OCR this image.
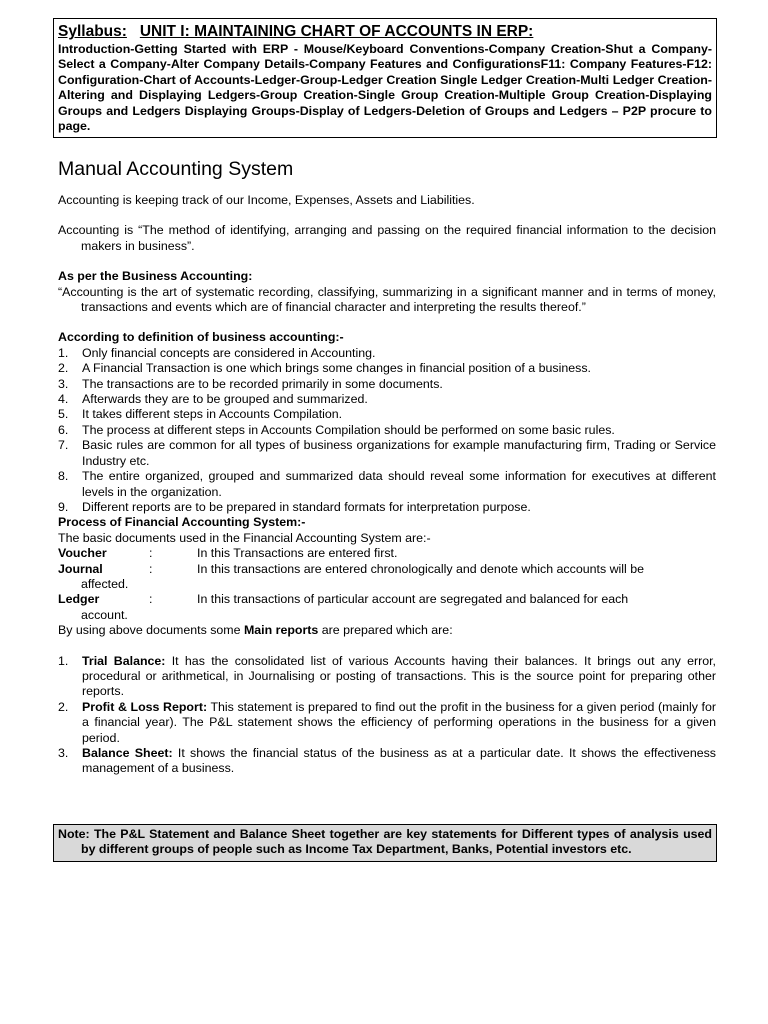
Syllabus: UNIT I: MAINTAINING CHART OF ACCOUNTS IN ERP:
Introduction-Getting Started with ERP - Mouse/Keyboard Conventions-Company Creation-Shut a Company-Select a Company-Alter Company Details-Company Features and ConfigurationsF11: Company Features-F12: Configuration-Chart of Accounts-Ledger-Group-Ledger Creation Single Ledger Creation-Multi Ledger Creation-Altering and Displaying Ledgers-Group Creation-Single Group Creation-Multiple Group Creation-Displaying Groups and Ledgers Displaying Groups-Display of Ledgers-Deletion of Groups and Ledgers – P2P procure to page.
Manual Accounting System

Accounting is keeping track of our Income, Expenses, Assets and Liabilities.

Accounting is “The method of identifying, arranging and passing on the required financial information to the decision makers in business”.

As per the Business Accounting:

“Accounting is the art of systematic recording, classifying, summarizing in a significant manner and in terms of money, transactions and events which are of financial character and interpreting the results thereof.”

According to definition of business accounting:-

1.	Only financial concepts are considered in Accounting.
2.	A Financial Transaction is one which brings some changes in financial position of a business.
3.	The transactions are to be recorded primarily in some documents.
4.	Afterwards they are to be grouped and summarized.
5.	It takes different steps in Accounts Compilation.
6.	The process at different steps in Accounts Compilation should be performed on some basic rules.
7.	Basic rules are common for all types of business organizations for example manufacturing firm, Trading or Service Industry etc.
8.	The entire organized, grouped and summarized data should reveal some information for executives at different levels in the organization.
9.	Different reports are to be prepared in standard formats for interpretation purpose.

Process of Financial Accounting System:-

The basic documents used in the Financial Accounting System are:-

Voucher	:	In this Transactions are entered first.
Journal	:	In this transactions are entered chronologically and denote which accounts will be
affected.
Ledger	:	In this transactions of particular account are segregated and balanced for each
account.

By using above documents some Main reports are prepared which are:

1.	Trial Balance: It has the consolidated list of various Accounts having their balances. It brings out any error, procedural or arithmetical, in Journalising or posting of transactions. This is the source point for preparing other reports.
2.	Profit & Loss Report: This statement is prepared to find out the profit in the business for a given period (mainly for a financial year). The P&L statement shows the efficiency of performing operations in the business for a given period.
3.	Balance Sheet: It shows the financial status of the business as at a particular date. It shows the effectiveness management of a business.

Note: The P&L Statement and Balance Sheet together are key statements for Different types of analysis used by different groups of people such as Income Tax Department, Banks, Potential investors etc.
